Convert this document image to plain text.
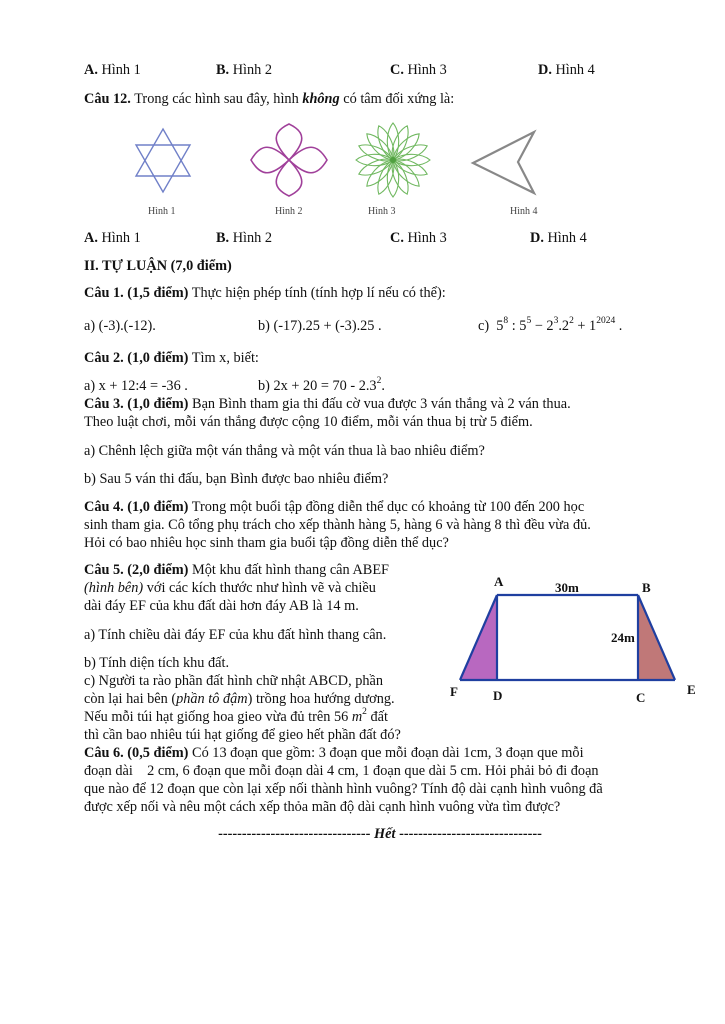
A. Hình 1	B. Hình 2	C. Hình 3	D. Hình 4
Câu 12. Trong các hình sau đây, hình không có tâm đối xứng là:
Hình 1	Hình 2	Hình 3	Hình 4
A. Hình 1	B. Hình 2	C. Hình 3	D. Hình 4
II. TỰ LUẬN (7,0 điểm)
Câu 1. (1,5 điểm) Thực hiện phép tính (tính hợp lí nếu có thể):
a) (-3).(-12).	b) (-17).25 + (-3).25 .	c) $5^8$ : $5^5 - 2^3.2^2 + 1^{2024}$ .
Câu 2. (1,0 điểm) Tìm x, biết:
a) x + 12:4 = -36 .	b) $2x + 20 = 70 - 2.3^2$.
Câu 3. (1,0 điểm) Bạn Bình tham gia thi đấu cờ vua được 3 ván thắng và 2 ván thua.
Theo luật chơi, mỗi ván thắng được cộng 10 điểm, mỗi ván thua bị trừ 5 điểm.
a) Chênh lệch giữa một ván thắng và một ván thua là bao nhiêu điểm?
b) Sau 5 ván thi đấu, bạn Bình được bao nhiêu điểm?
Câu 4. (1,0 điểm) Trong một buổi tập đồng diễn thể dục có khoảng từ 100 đến 200 học
sinh tham gia. Cô tổng phụ trách cho xếp thành hàng 5, hàng 6 và hàng 8 thì đều vừa đủ.
Hỏi có bao nhiêu học sinh tham gia buổi tập đồng diễn thể dục?
Câu 5. (2,0 điểm) Một khu đất hình thang cân ABEF
(hình bên) với các kích thước như hình vẽ và chiều
dài đáy EF của khu đất dài hơn đáy AB là 14 m.
a) Tính chiều dài đáy EF của khu đất hình thang cân.
b) Tính diện tích khu đất.
c) Người ta rào phần đất hình chữ nhật ABCD, phần
còn lại hai bên (phần tô đậm) trồng hoa hướng dương.
Nếu mỗi túi hạt giống hoa gieo vừa đủ trên 56 $m^2$ đất
thì cần bao nhiêu túi hạt giống để gieo hết phần đất đó?
A	B
30m
24m
F	D	C
E
Câu 6. (0,5 điểm) Có 13 đoạn que gồm: 3 đoạn que mỗi đoạn dài 1cm, 3 đoạn que mỗi
đoạn dài    2 cm, 6 đoạn que mỗi đoạn dài 4 cm, 1 đoạn que dài 5 cm. Hỏi phải bỏ đi đoạn
que nào để 12 đoạn que còn lại xếp nối thành hình vuông? Tính độ dài cạnh hình vuông đã
được xếp nối và nêu một cách xếp thỏa mãn độ dài cạnh hình vuông vừa tìm được?
-------------------------------- Hết ------------------------------
